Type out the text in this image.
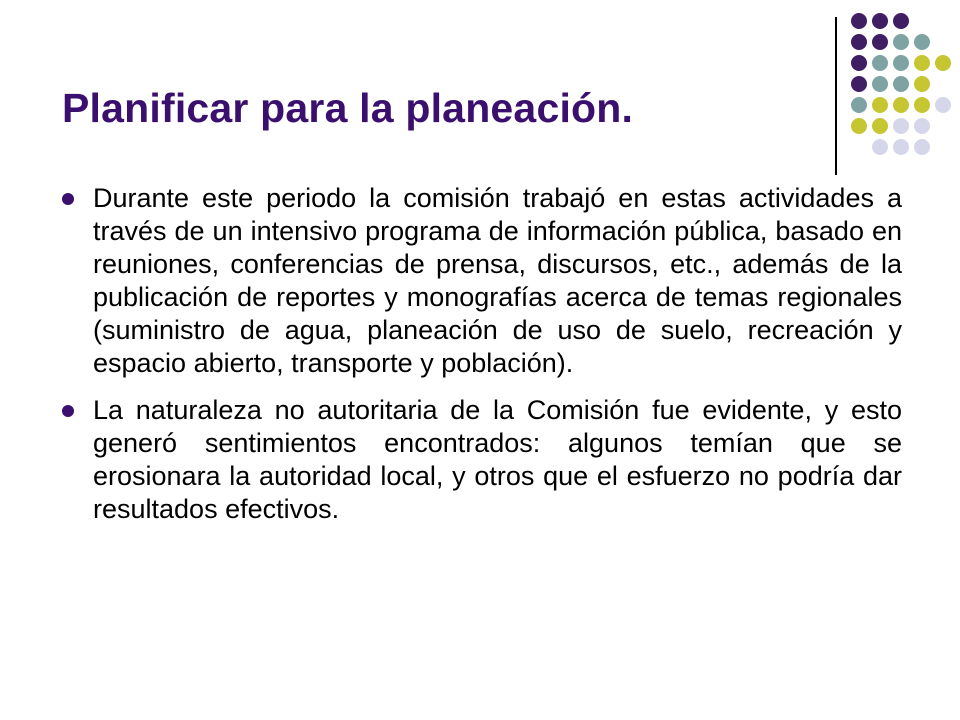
Planificar para la planeación.
Durante este periodo la comisión trabajó en estas actividades a través de un intensivo programa de información pública, basado en reuniones, conferencias de prensa, discursos, etc., además de la publicación de reportes y monografías acerca de temas regionales (suministro de agua, planeación de uso de suelo, recreación y espacio abierto, transporte y población).
La naturaleza no autoritaria de la Comisión fue evidente, y esto generó sentimientos encontrados: algunos temían que se erosionara la autoridad local, y otros que el esfuerzo no podría dar resultados efectivos.
